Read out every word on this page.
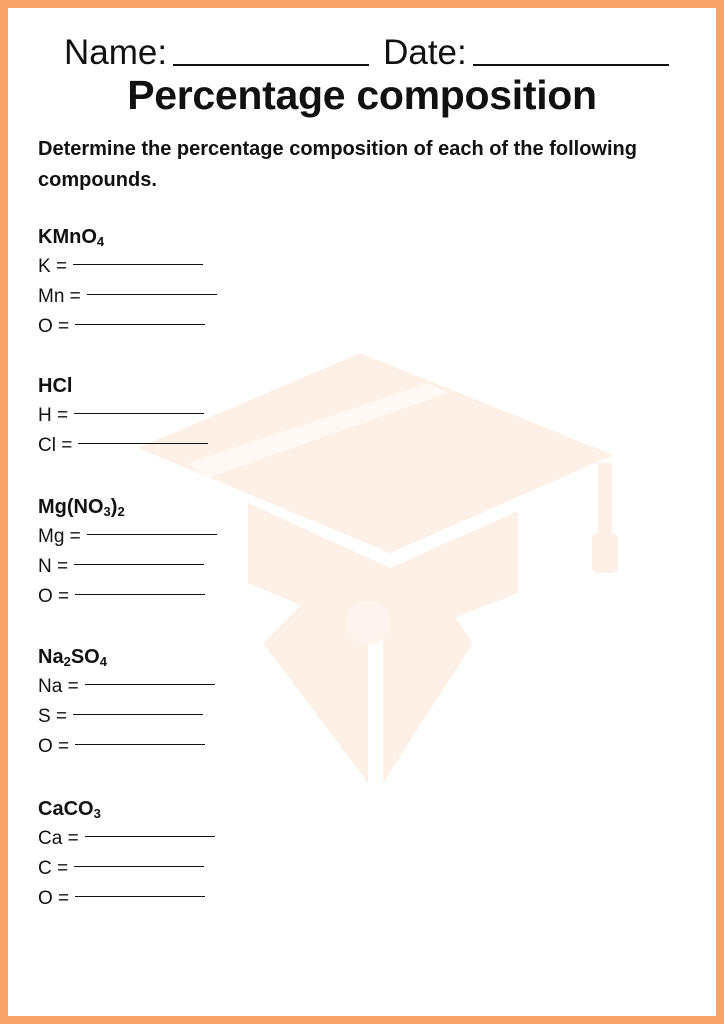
Name:	Date:
Percentage composition
Determine the percentage composition of each of the following compounds.
KMnO$_4$
K =
Mn =
O =
HCl
H =
Cl =
$Mg(NO_3)_2$
Mg =
N =
O =
$Na_2SO_4$
Na =
S =
O =
CaCO$_3$
Ca =
C =
O =
